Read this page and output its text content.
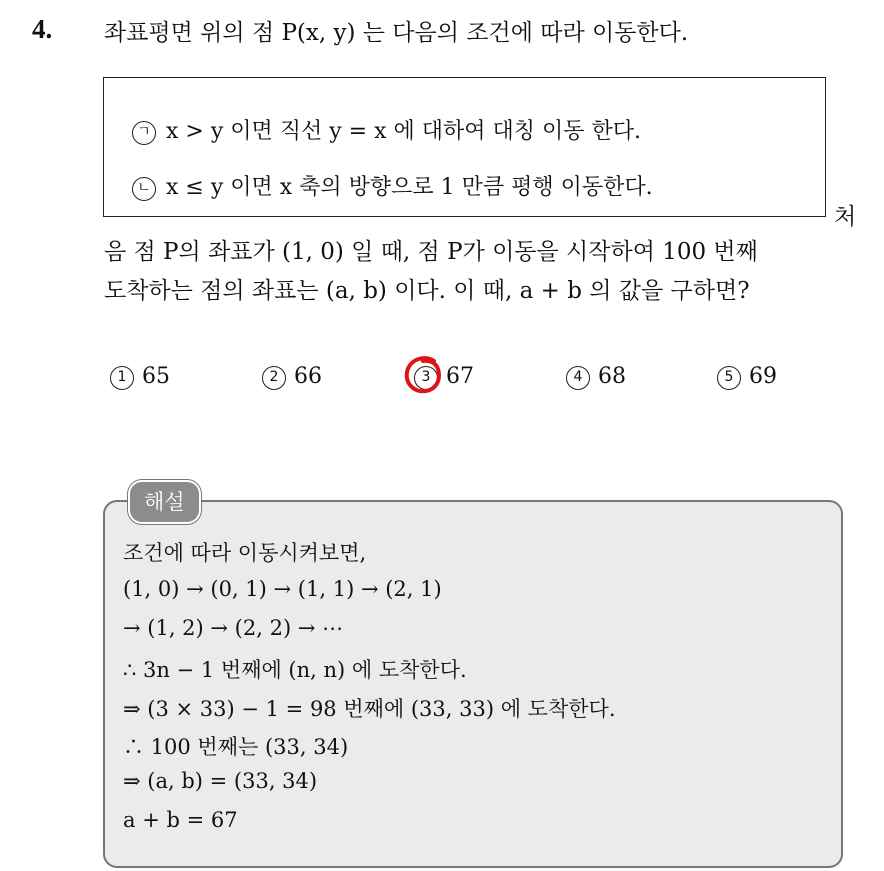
4. 좌표평면 위의 점 P(x, y) 는 다음의 조건에 따라 이동한다.
ㄱ x > y 이면 직선 y = x 에 대하여 대칭 이동 한다.
ㄴ x ≤ y 이면 x 축의 방향으로 1 만큼 평행 이동한다.
처
음 점 P의 좌표가 (1, 0) 일 때, 점 P가 이동을 시작하여 100 번째
도착하는 점의 좌표는 (a, b) 이다. 이 때, a + b 의 값을 구하면?
1 65	2 66	3 67	4 68	5 69
해설
조건에 따라 이동시켜보면,
(1, 0) → (0, 1) → (1, 1) → (2, 1)
→ (1, 2) → (2, 2) → ⋯
∴ 3n − 1 번째에 (n, n) 에 도착한다.
⇒ (3 × 33) − 1 = 98 번째에 (33, 33) 에 도착한다.
∴ 100 번째는 (33, 34)
⇒ (a, b) = (33, 34)
a + b = 67
